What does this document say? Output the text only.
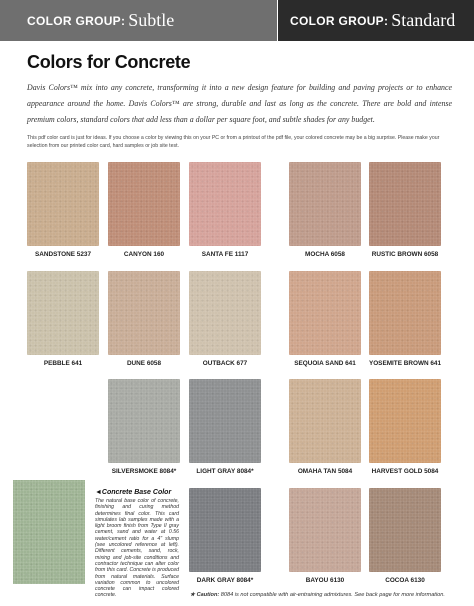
COLOR GROUP: Subtle	COLOR GROUP: Standard
Colors for Concrete

Davis Colors™ mix into any concrete, transforming it into a new design feature for building and paving projects or to enhance appearance around the home. Davis Colors™ are strong, durable and last as long as the concrete. There are bold and intense premium colors, standard colors that add less than a dollar per square foot, and subtle shades for any budget.

This pdf color card is just for ideas. If you choose a color by viewing this on your PC or from a printout of the pdf file, your colored concrete may be a big surprise. Please make your selection from our printed color card, hard samples or job site test.

SANDSTONE 5237	CANYON 160	SANTA FE 1117	MOCHA 6058	RUSTIC BROWN 6058
PEBBLE 641	DUNE 6058	OUTBACK 677	SEQUOIA SAND 641	YOSEMITE BROWN 641
SILVERSMOKE 8084*	LIGHT GRAY 8084*	OMAHA TAN 5084	HARVEST GOLD 5084
◄Concrete Base Color
The natural base color of concrete, finishing and curing method determines final color. This card simulates lab samples made with a light broom finish from Type II gray cement, sand and water at 0.56 water/cement ratio for a 4" slump (see uncolored reference at left). Different cements, sand, rock, mixing and job-site conditions and contractor technique can alter color from this card. Concrete is produced from natural materials. Surface variation common to uncolored concrete can impact colored concrete.
DARK GRAY 8084*	BAYOU 6130	COCOA 6130
★ Caution: 8084 is not compatible with air-entraining admixtures. See back page for more information.
